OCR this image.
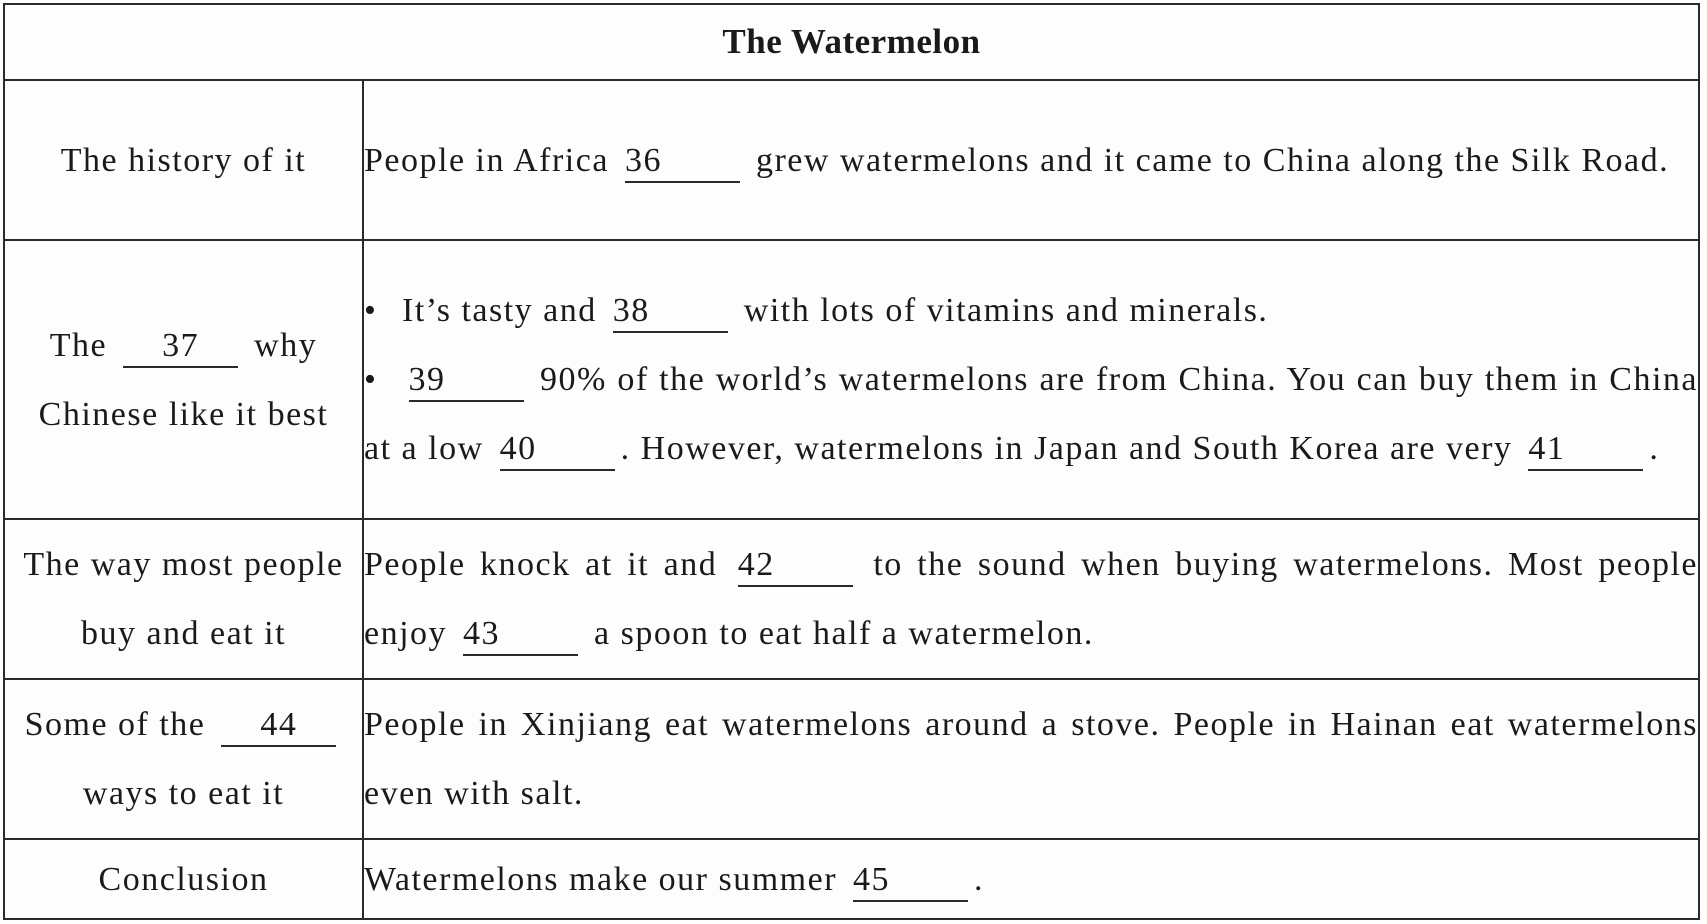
The Watermelon	
The history of it	People in Africa 36 grew watermelons and it came to China along the Silk Road.
The 37 why Chinese like it best	• It’s tasty and 38 with lots of vitamins and minerals.
• 39 90% of the world’s watermelons are from China. You can buy them in China at a low 40 . However, watermelons in Japan and South Korea are very 41 .

The way most people buy and eat it	People knock at it and 42 to the sound when buying watermelons. Most people enjoy 43 a spoon to eat half a watermelon.
Some of the 44 ways to eat it	People in Xinjiang eat watermelons around a stove. People in Hainan eat watermelons even with salt.
Conclusion	Watermelons make our summer 45 .
